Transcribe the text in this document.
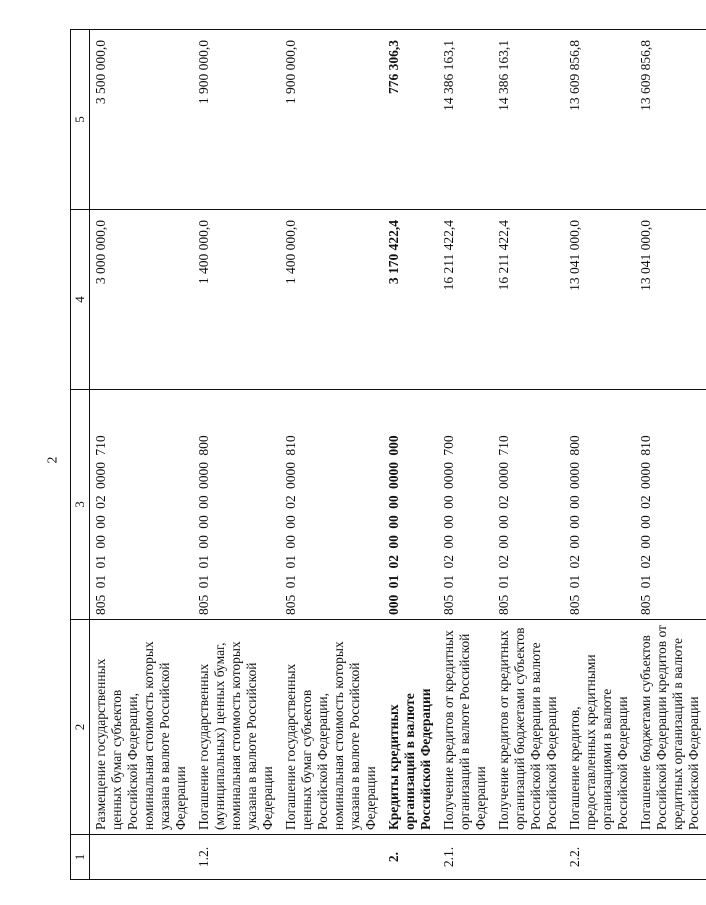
2
1	2	3	4	5
	Размещение государственных ценных бумаг субъектов Российской Федерации, номинальная стоимость которых указана в валюте Российской Федерации	805 01 01 00 00 02 0000 710	3 000 000,0	3 500 000,0
1.2.	Погашение государственных (муниципальных) ценных бумаг, номинальная стоимость которых указана в валюте Российской Федерации	805 01 01 00 00 00 0000 800	1 400 000,0	1 900 000,0
	Погашение государственных ценных бумаг субъектов Российской Федерации, номинальная стоимость которых указана в валюте Российской Федерации	805 01 01 00 00 02 0000 810	1 400 000,0	1 900 000,0
2.	Кредиты кредитных организаций в валюте Российской Федерации	000 01 02 00 00 00 0000 000	3 170 422,4	776 306,3
2.1.	Получение кредитов от кредитных организаций в валюте Российской Федерации	805 01 02 00 00 00 0000 700	16 211 422,4	14 386 163,1
	Получение кредитов от кредитных организаций бюджетами субъектов Российской Федерации в валюте Российской Федерации	805 01 02 00 00 02 0000 710	16 211 422,4	14 386 163,1
2.2.	Погашение кредитов, предоставленных кредитными организациями в валюте Российской Федерации	805 01 02 00 00 00 0000 800	13 041 000,0	13 609 856,8
	Погашение бюджетами субъектов Российской Федерации кредитов от кредитных организаций в валюте Российской Федерации	805 01 02 00 00 02 0000 810	13 041 000,0	13 609 856,8
